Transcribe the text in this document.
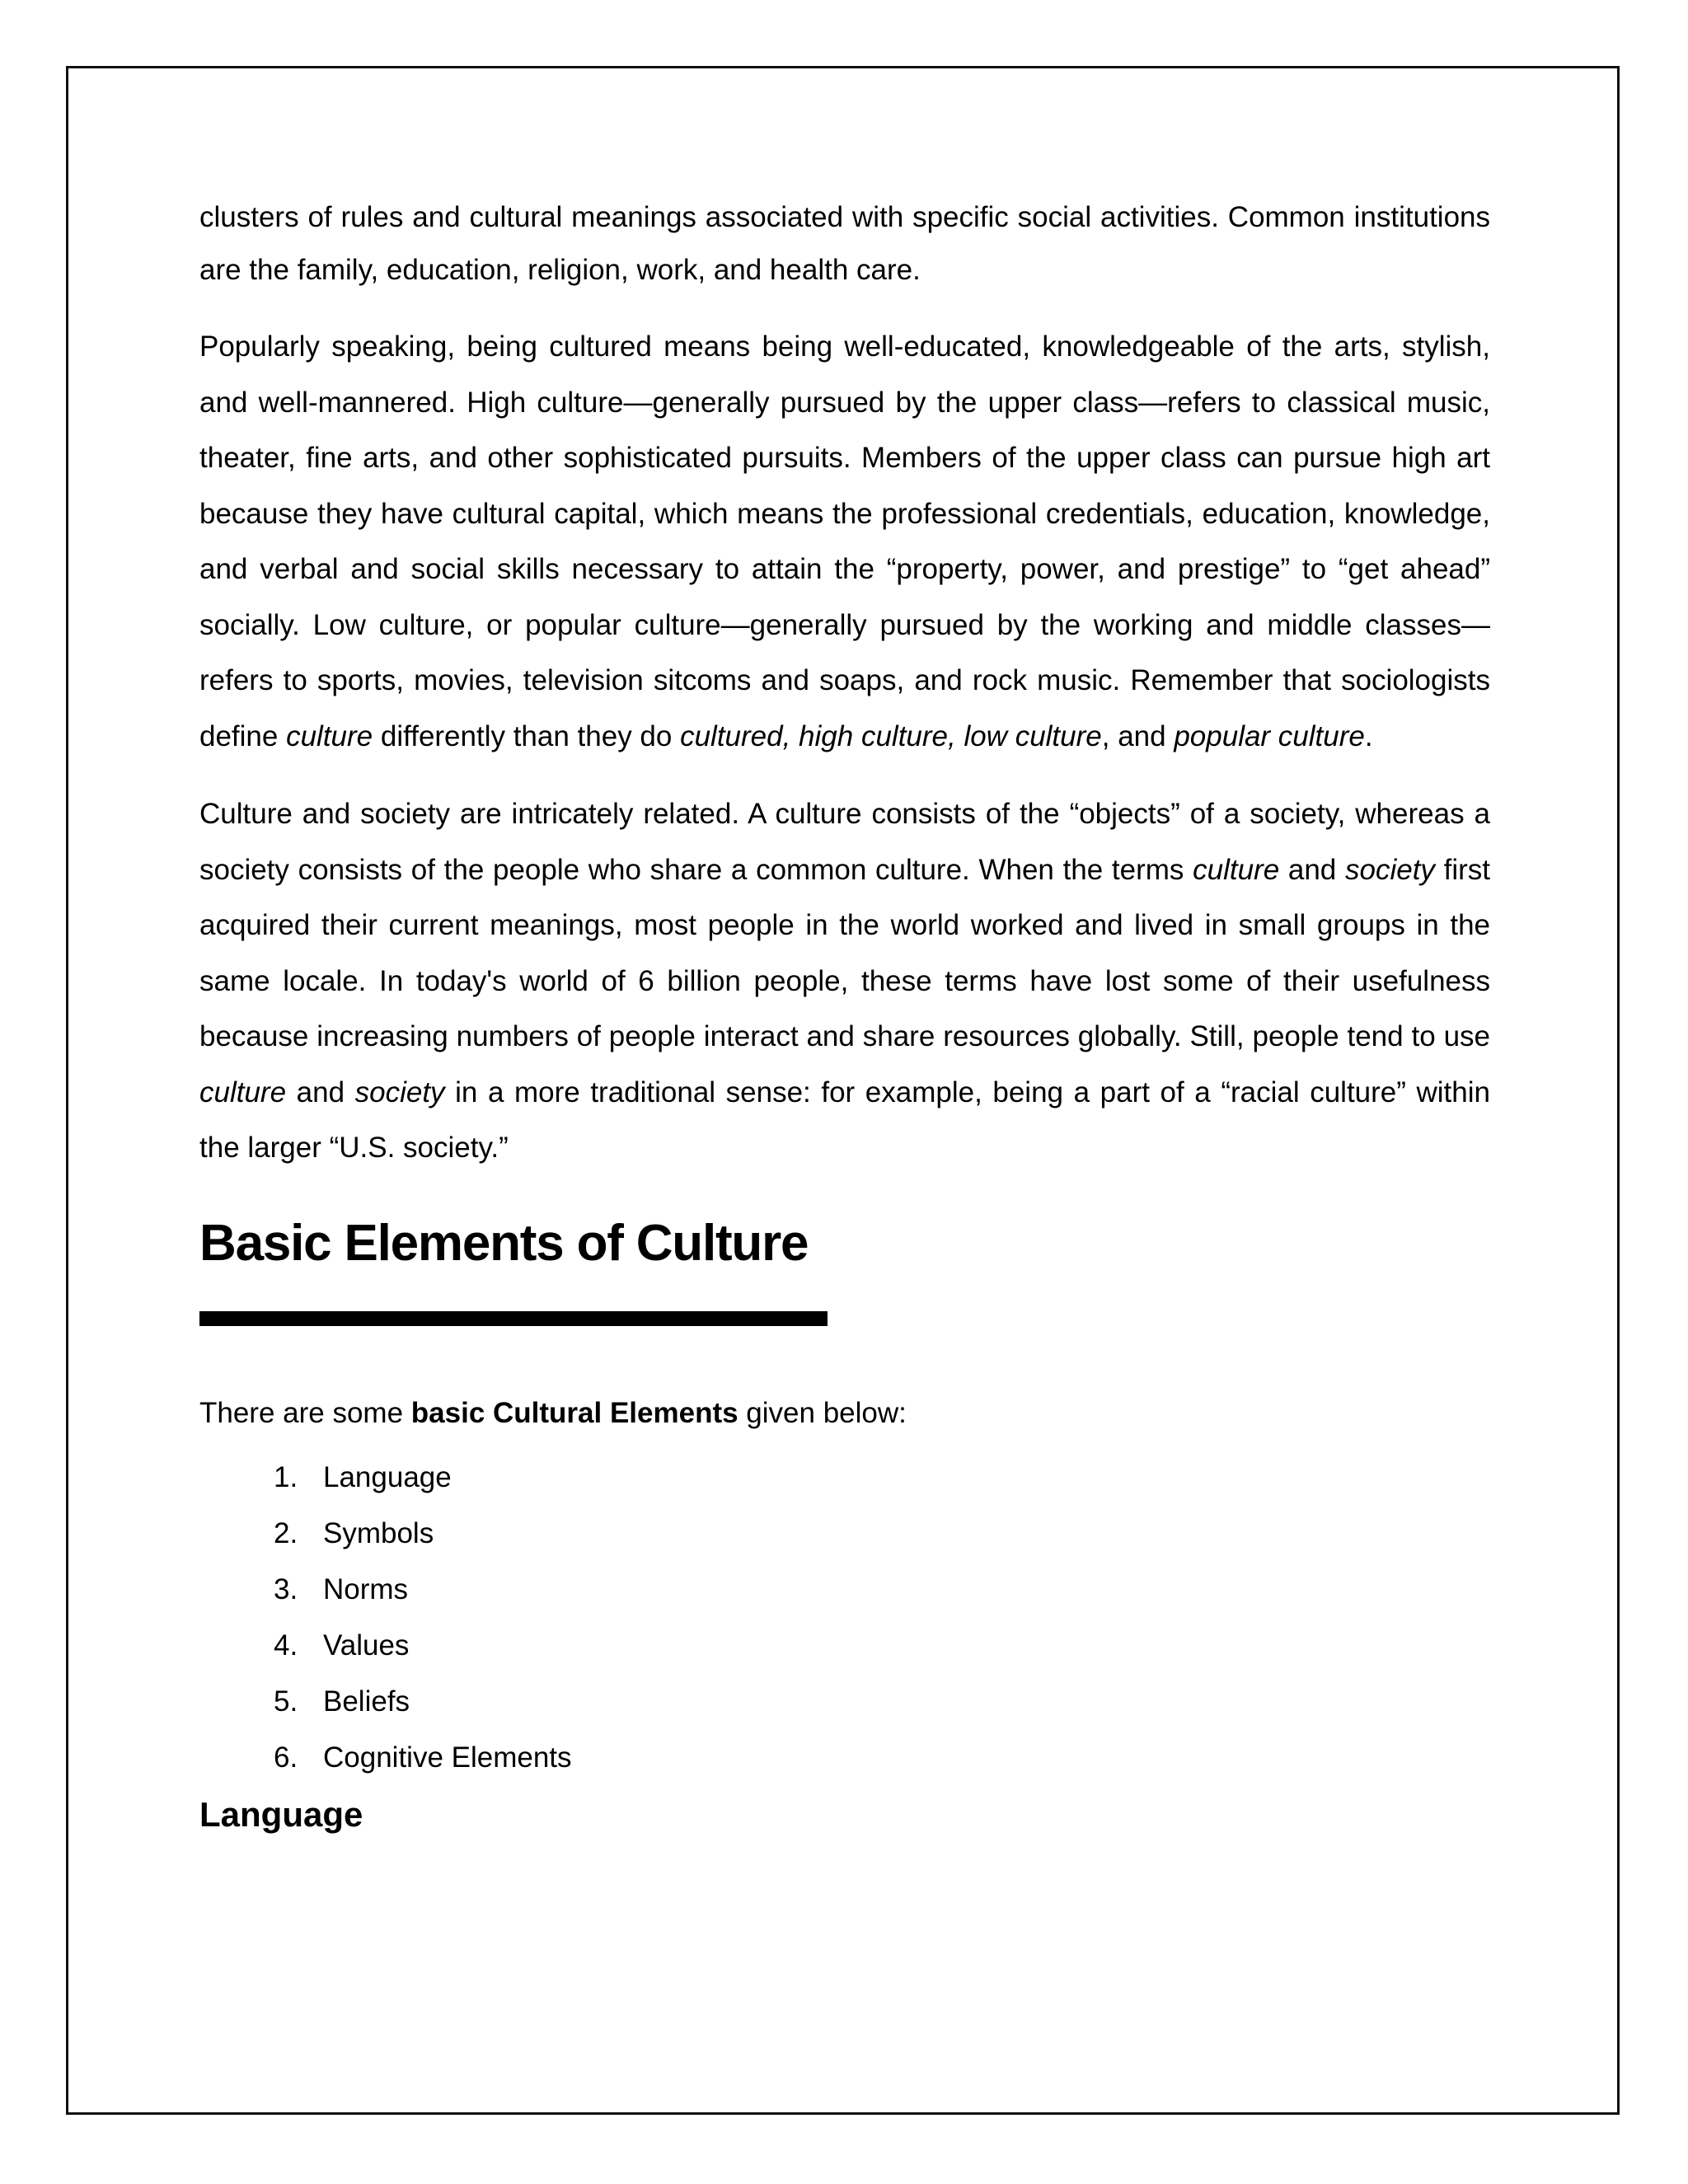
clusters of rules and cultural meanings associated with specific social activities. Common institutions are the family, education, religion, work, and health care.

Popularly speaking, being cultured means being well-educated, knowledgeable of the arts, stylish, and well-mannered. High culture—generally pursued by the upper class—refers to classical music, theater, fine arts, and other sophisticated pursuits. Members of the upper class can pursue high art because they have cultural capital, which means the professional credentials, education, knowledge, and verbal and social skills necessary to attain the “property, power, and prestige” to “get ahead” socially. Low culture, or popular culture—generally pursued by the working and middle classes—refers to sports, movies, television sitcoms and soaps, and rock music. Remember that sociologists define culture differently than they do cultured, high culture, low culture, and popular culture.

Culture and society are intricately related. A culture consists of the “objects” of a society, whereas a society consists of the people who share a common culture. When the terms culture and society first acquired their current meanings, most people in the world worked and lived in small groups in the same locale. In today's world of 6 billion people, these terms have lost some of their usefulness because increasing numbers of people interact and share resources globally. Still, people tend to use culture and society in a more traditional sense: for example, being a part of a “racial culture” within the larger “U.S. society.”

Basic Elements of Culture

There are some basic Cultural Elements given below:

1. Language
2. Symbols
3. Norms
4. Values
5. Beliefs
6. Cognitive Elements
Language
